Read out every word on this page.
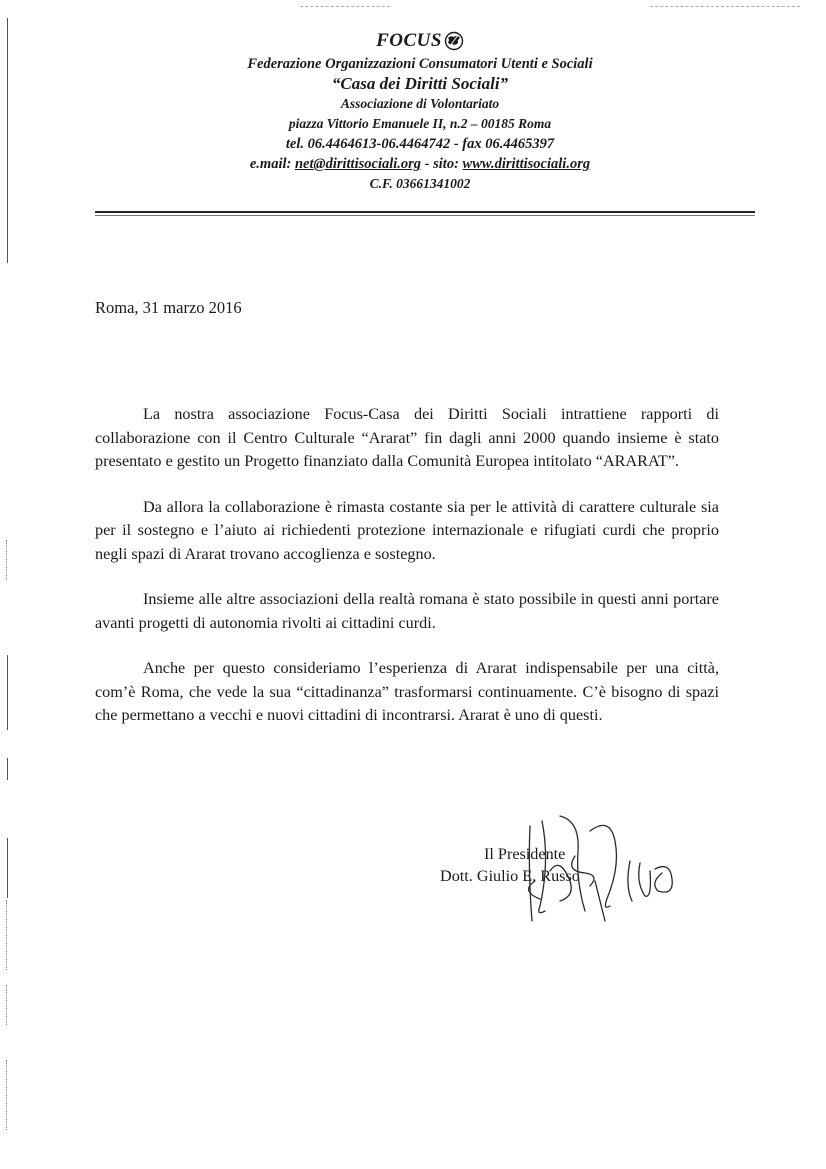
FOCUS
Federazione Organizzazioni Consumatori Utenti e Sociali
“Casa dei Diritti Sociali”
Associazione di Volontariato
piazza Vittorio Emanuele II, n.2 – 00185 Roma
tel. 06.4464613-06.4464742 - fax 06.4465397
e.mail: net@dirittisociali.org - sito: www.dirittisociali.org
C.F. 03661341002
Roma, 31 marzo 2016

La nostra associazione Focus-Casa dei Diritti Sociali intrattiene rapporti di collaborazione con il Centro Culturale “Ararat” fin dagli anni 2000 quando insieme è stato presentato e gestito un Progetto finanziato dalla Comunità Europea intitolato “ARARAT”.

Da allora la collaborazione è rimasta costante sia per le attività di carattere culturale sia per il sostegno e l’aiuto ai richiedenti protezione internazionale e rifugiati curdi che proprio negli spazi di Ararat trovano accoglienza e sostegno.

Insieme alle altre associazioni della realtà romana è stato possibile in questi anni portare avanti progetti di autonomia rivolti ai cittadini curdi.

Anche per questo consideriamo l’esperienza di Ararat indispensabile per una città, com’è Roma, che vede la sua “cittadinanza” trasformarsi continuamente. C’è bisogno di spazi che permettano a vecchi e nuovi cittadini di incontrarsi. Ararat è uno di questi.

Il Presidente
Dott. Giulio E. Russo
